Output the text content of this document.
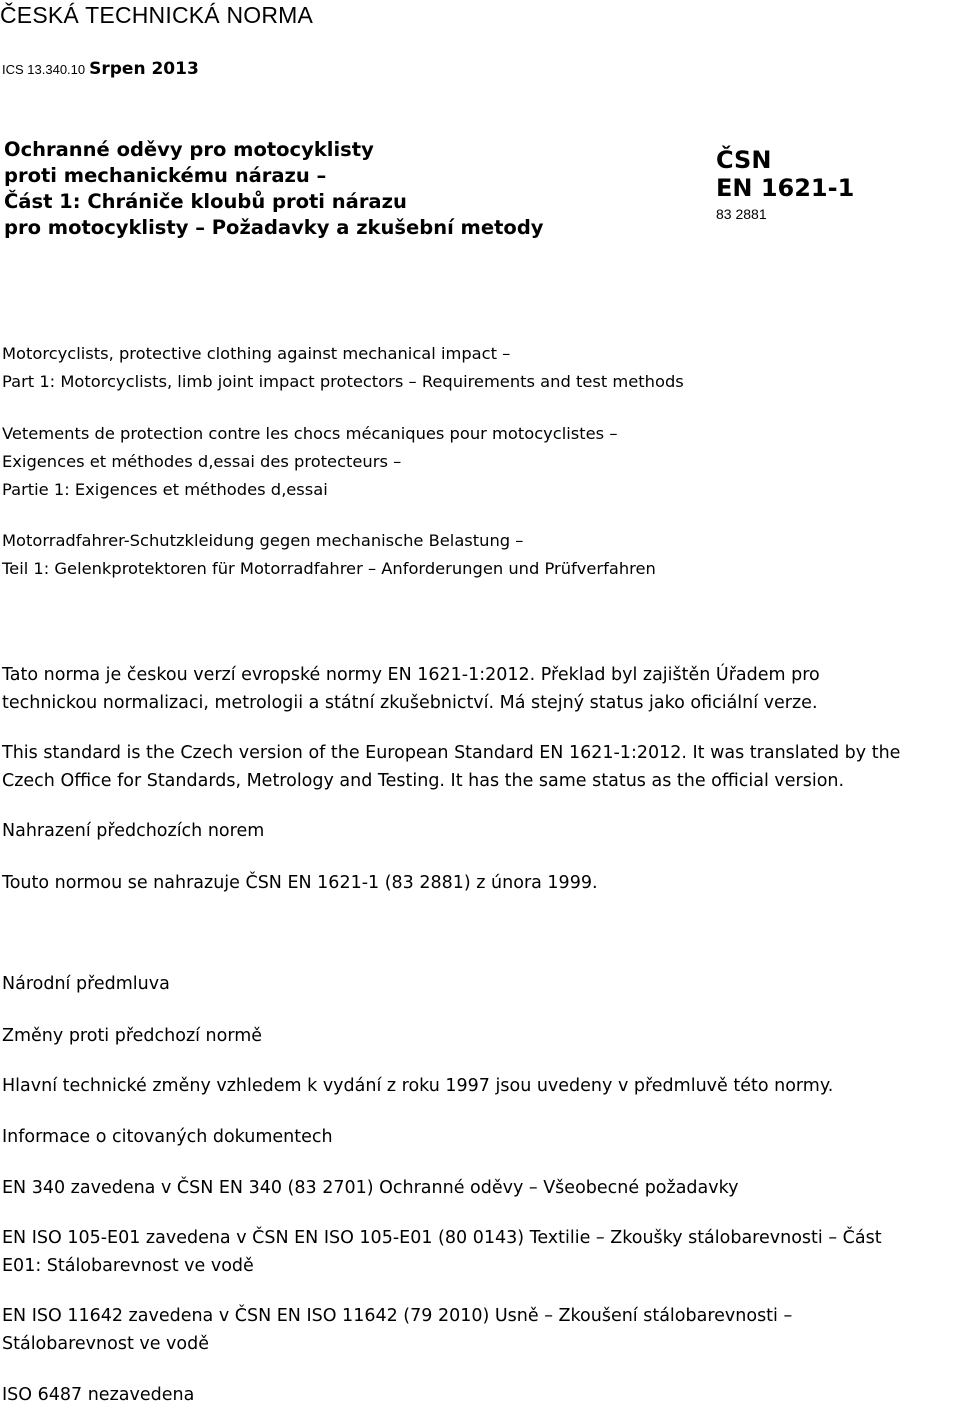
ČESKÁ TECHNICKÁ NORMA
ICS 13.340.10 Srpen 2013
Ochranné oděvy pro motocyklisty
proti mechanickému nárazu –
Část 1: Chrániče kloubů proti nárazu
pro motocyklisty – Požadavky a zkušební metody
ČSN
EN 1621-1
83 2881
Motorcyclists, protective clothing against mechanical impact –
Part 1: Motorcyclists, limb joint impact protectors – Requirements and test methods
Vetements de protection contre les chocs mécaniques pour motocyclistes –
Exigences et méthodes d‚essai des protecteurs –
Partie 1: Exigences et méthodes d‚essai
Motorradfahrer-Schutzkleidung gegen mechanische Belastung –
Teil 1: Gelenkprotektoren für Motorradfahrer – Anforderungen und Prüfverfahren
Tato norma je českou verzí evropské normy EN 1621-1:2012. Překlad byl zajištěn Úřadem pro
technickou normalizaci, metrologii a státní zkušebnictví. Má stejný status jako oficiální verze.
This standard is the Czech version of the European Standard EN 1621-1:2012. It was translated by the
Czech Office for Standards, Metrology and Testing. It has the same status as the official version.
Nahrazení předchozích norem
Touto normou se nahrazuje ČSN EN 1621-1 (83 2881) z února 1999.
Národní předmluva
Změny proti předchozí normě
Hlavní technické změny vzhledem k vydání z roku 1997 jsou uvedeny v předmluvě této normy.
Informace o citovaných dokumentech
EN 340 zavedena v ČSN EN 340 (83 2701) Ochranné oděvy – Všeobecné požadavky
EN ISO 105-E01 zavedena v ČSN EN ISO 105-E01 (80 0143) Textilie – Zkoušky stálobarevnosti – Část
E01: Stálobarevnost ve vodě
EN ISO 11642 zavedena v ČSN EN ISO 11642 (79 2010) Usně – Zkoušení stálobarevnosti –
Stálobarevnost ve vodě
ISO 6487 nezavedena
